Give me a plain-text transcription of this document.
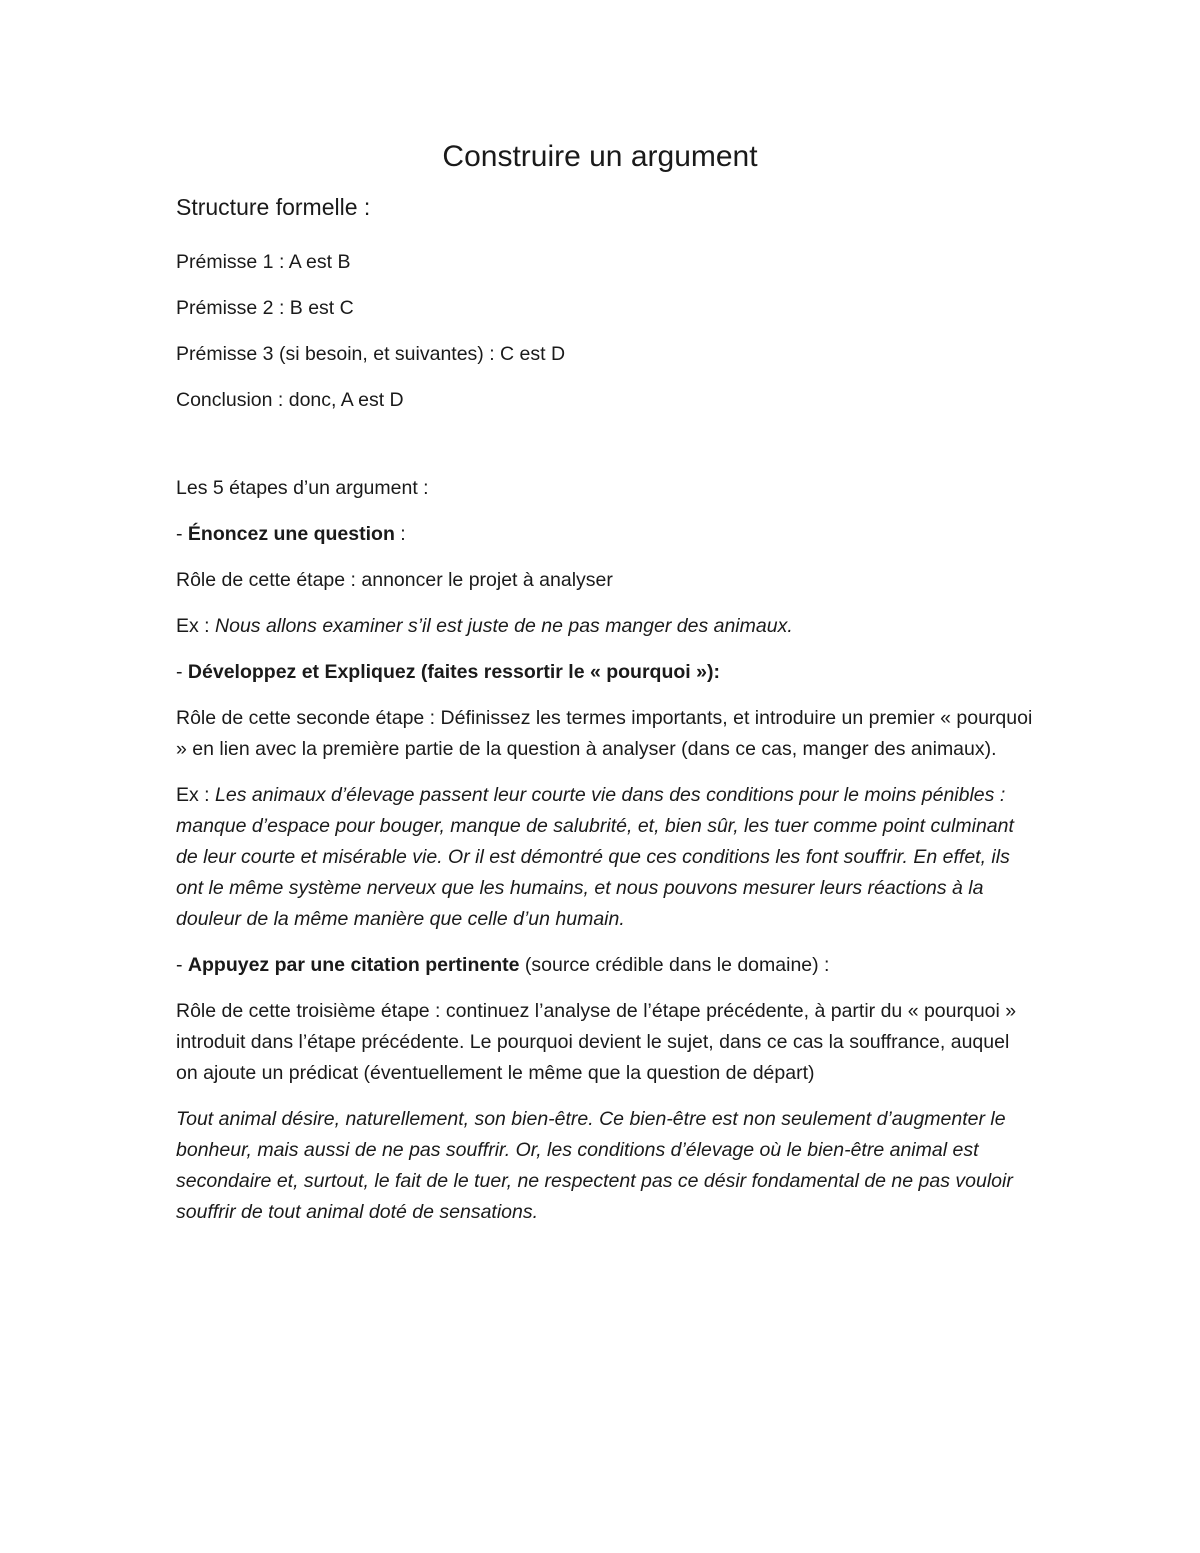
Construire un argument
Structure formelle :

Prémisse 1 : A est B

Prémisse 2 : B est C

Prémisse 3 (si besoin, et suivantes) : C est D

Conclusion : donc, A est D

Les 5 étapes d’un argument :

- Énoncez une question :

Rôle de cette étape : annoncer le projet à analyser

Ex : Nous allons examiner s’il est juste de ne pas manger des animaux.

- Développez et Expliquez (faites ressortir le « pourquoi »):

Rôle de cette seconde étape : Définissez les termes importants, et introduire un premier « pourquoi » en lien avec la première partie de la question à analyser (dans ce cas, manger des animaux).

Ex : Les animaux d’élevage passent leur courte vie dans des conditions pour le moins pénibles : manque d’espace pour bouger, manque de salubrité, et, bien sûr, les tuer comme point culminant de leur courte et misérable vie. Or il est démontré que ces conditions les font souffrir. En effet, ils ont le même système nerveux que les humains, et nous pouvons mesurer leurs réactions à la douleur de la même manière que celle d’un humain.

- Appuyez par une citation pertinente (source crédible dans le domaine) :

Rôle de cette troisième étape : continuez l’analyse de l’étape précédente, à partir du « pourquoi » introduit dans l’étape précédente. Le pourquoi devient le sujet, dans ce cas la souffrance, auquel on ajoute un prédicat (éventuellement le même que la question de départ)

Tout animal désire, naturellement, son bien-être. Ce bien-être est non seulement d’augmenter le bonheur, mais aussi de ne pas souffrir. Or, les conditions d’élevage où le bien-être animal est secondaire et, surtout, le fait de le tuer, ne respectent pas ce désir fondamental de ne pas vouloir souffrir de tout animal doté de sensations.
